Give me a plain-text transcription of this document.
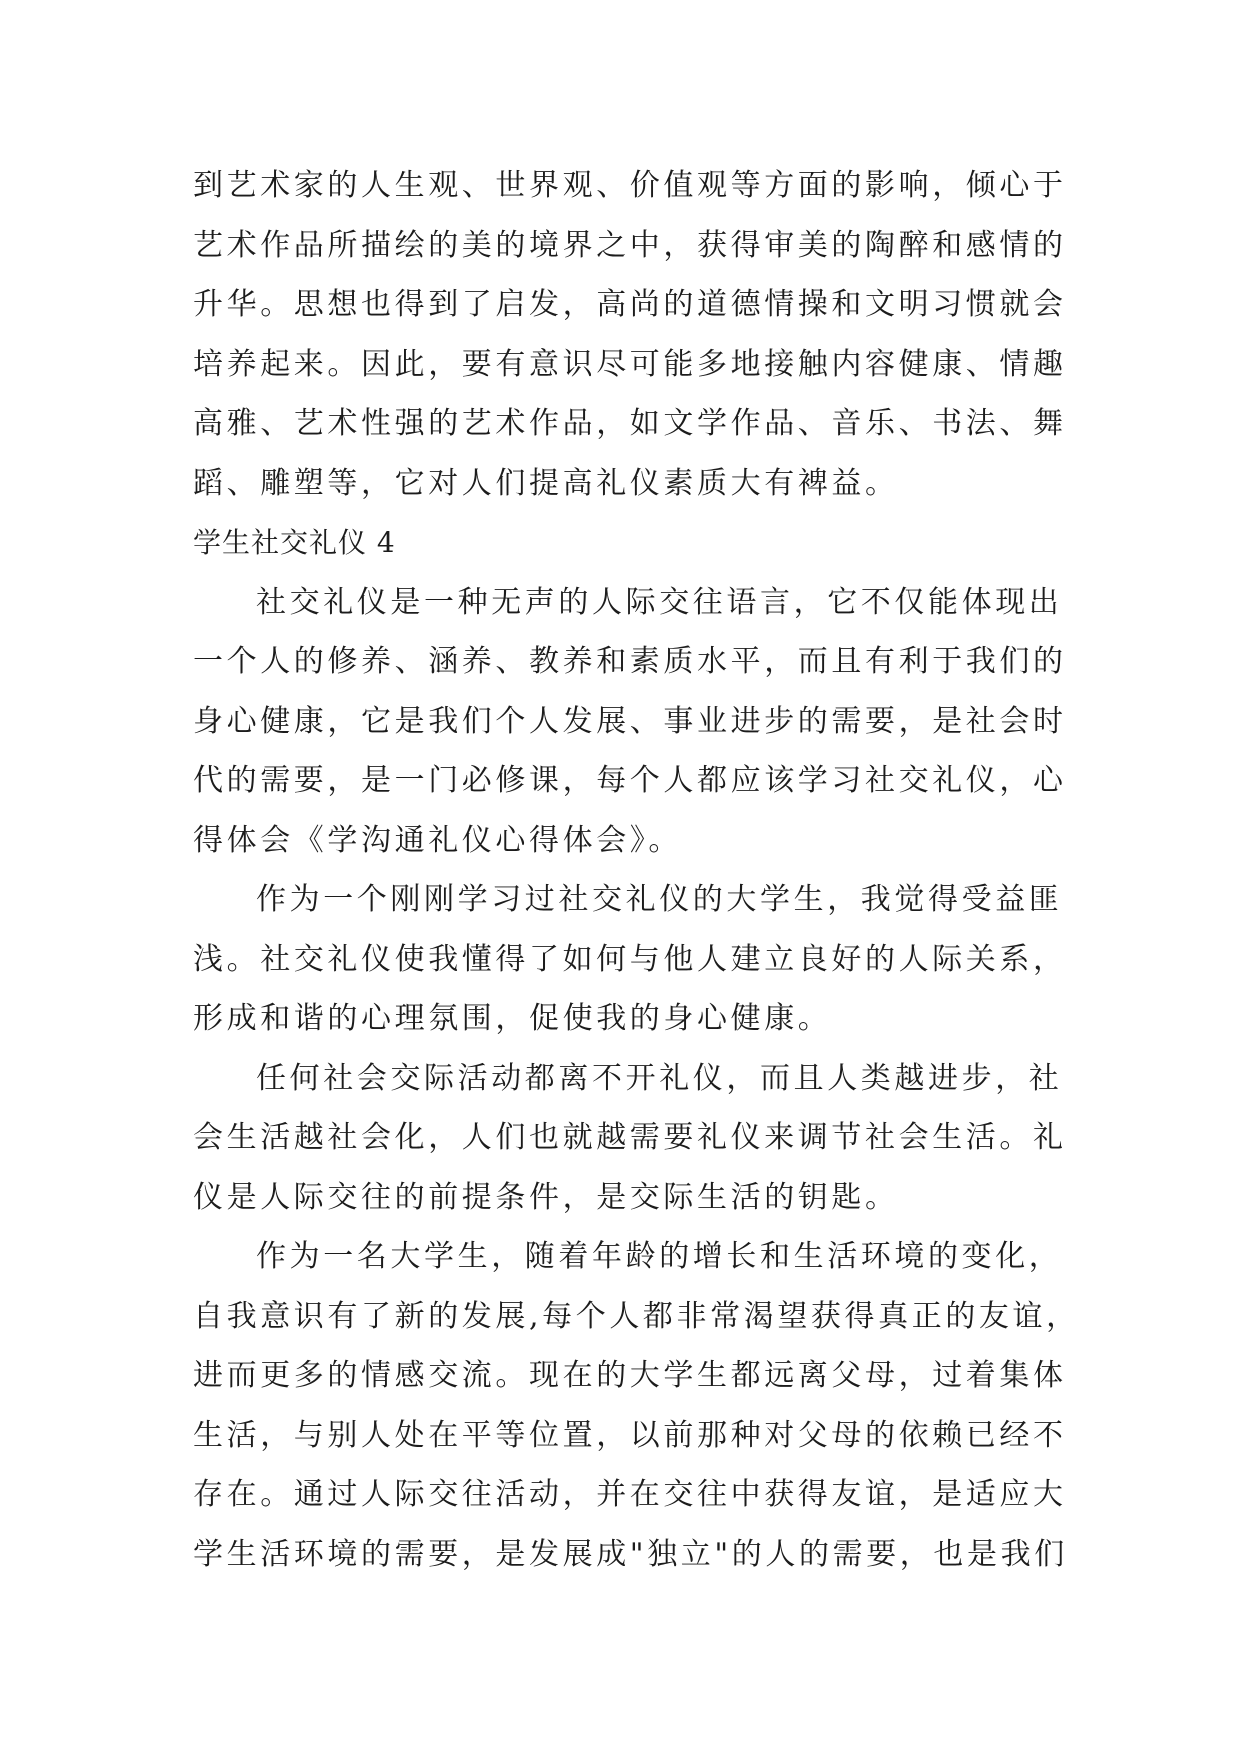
到艺术家的人生观、世界观、价值观等方面的影响，倾心于
艺术作品所描绘的美的境界之中，获得审美的陶醉和感情的
升华。思想也得到了启发，高尚的道德情操和文明习惯就会
培养起来。因此，要有意识尽可能多地接触内容健康、情趣
高雅、艺术性强的艺术作品，如文学作品、音乐、书法、舞
蹈、雕塑等，它对人们提高礼仪素质大有裨益。
学生社交礼仪 4
社交礼仪是一种无声的人际交往语言，它不仅能体现出
一个人的修养、涵养、教养和素质水平，而且有利于我们的
身心健康，它是我们个人发展、事业进步的需要，是社会时
代的需要，是一门必修课，每个人都应该学习社交礼仪，心
得体会《学沟通礼仪心得体会》。
作为一个刚刚学习过社交礼仪的大学生，我觉得受益匪
浅。社交礼仪使我懂得了如何与他人建立良好的人际关系，
形成和谐的心理氛围，促使我的身心健康。
任何社会交际活动都离不开礼仪，而且人类越进步，社
会生活越社会化，人们也就越需要礼仪来调节社会生活。礼
仪是人际交往的前提条件，是交际生活的钥匙。
作为一名大学生，随着年龄的增长和生活环境的变化，
自我意识有了新的发展,每个人都非常渴望获得真正的友谊，
进而更多的情感交流。现在的大学生都远离父母，过着集体
生活，与别人处在平等位置，以前那种对父母的依赖已经不
存在。通过人际交往活动，并在交往中获得友谊，是适应大
学生活环境的需要，是发展成"独立"的人的需要，也是我们
